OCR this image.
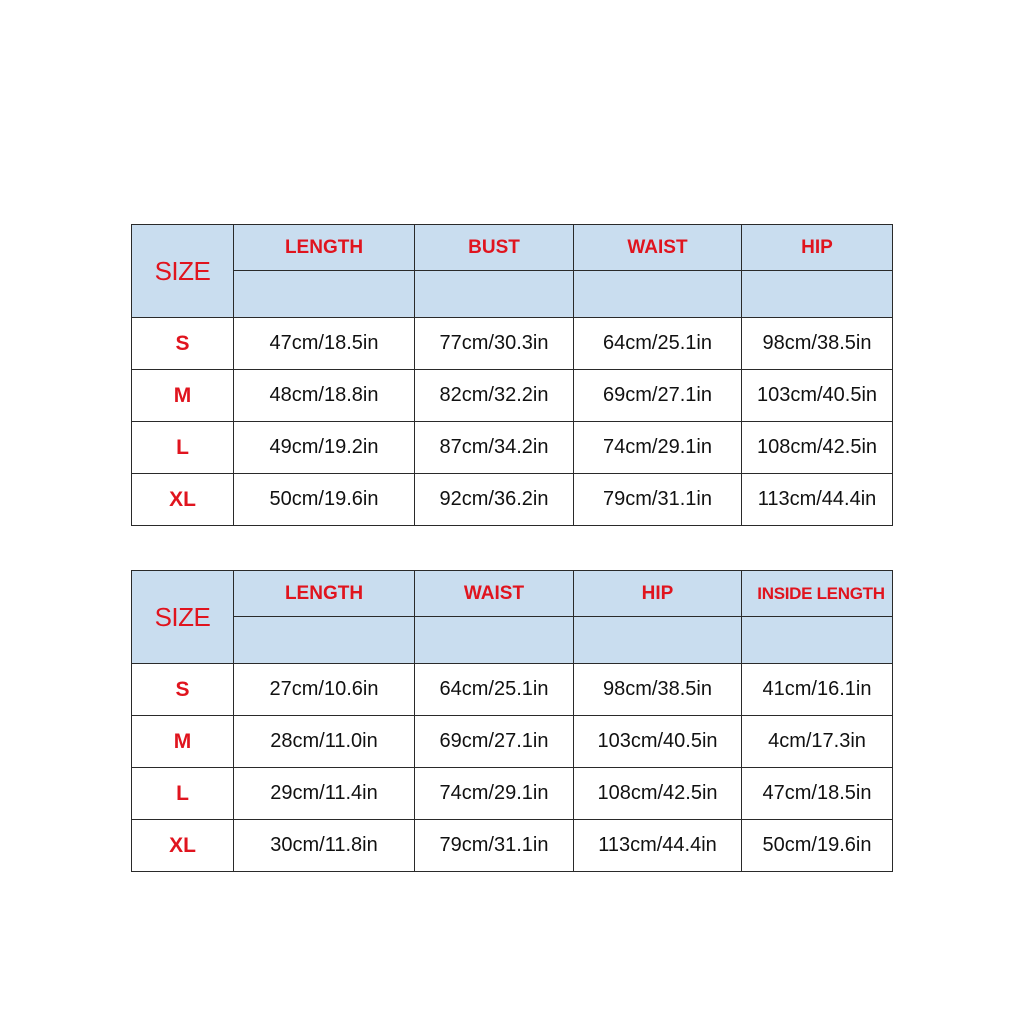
SIZE	LENGTH	BUST	WAIST	HIP

S	47cm/18.5in	77cm/30.3in	64cm/25.1in	98cm/38.5in
M	48cm/18.8in	82cm/32.2in	69cm/27.1in	103cm/40.5in
L	49cm/19.2in	87cm/34.2in	74cm/29.1in	108cm/42.5in
XL	50cm/19.6in	92cm/36.2in	79cm/31.1in	113cm/44.4in
SIZE	LENGTH	WAIST	HIP	INSIDE LENGTH

S	27cm/10.6in	64cm/25.1in	98cm/38.5in	41cm/16.1in
M	28cm/11.0in	69cm/27.1in	103cm/40.5in	4cm/17.3in
L	29cm/11.4in	74cm/29.1in	108cm/42.5in	47cm/18.5in
XL	30cm/11.8in	79cm/31.1in	113cm/44.4in	50cm/19.6in
